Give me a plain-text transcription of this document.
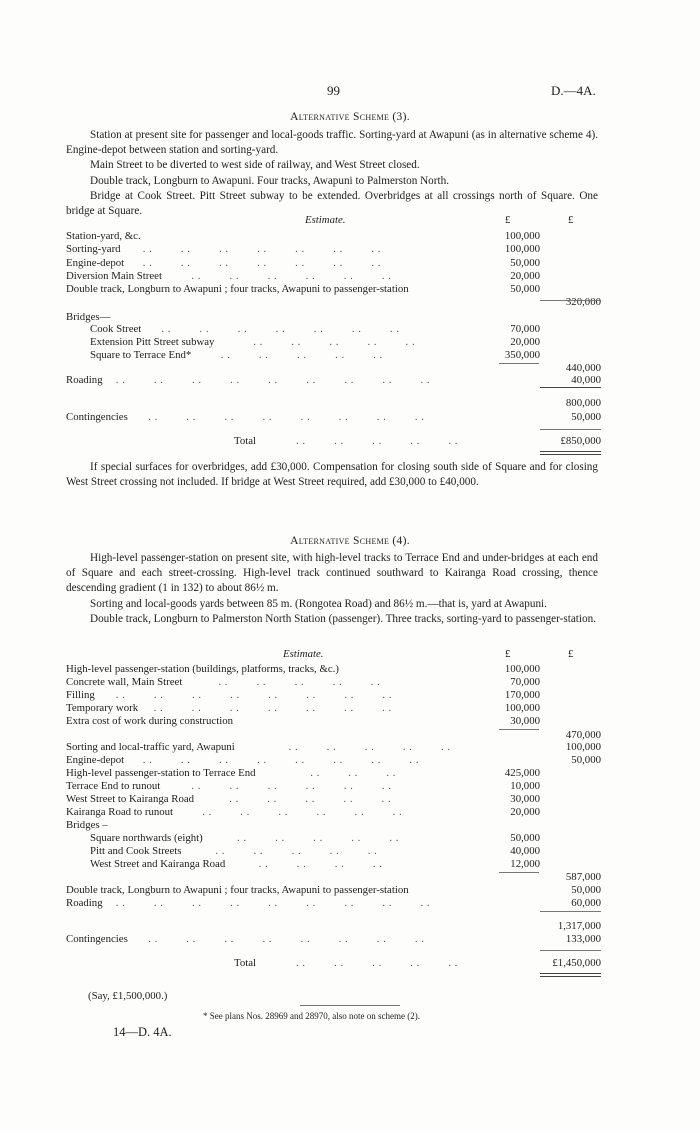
99	D.—4A.
Alternative Scheme (3).

Station at present site for passenger and local-goods traffic. Sorting-yard at Awapuni (as in alternative scheme 4). Engine-depot between station and sorting-yard.

Main Street to be diverted to west side of railway, and West Street closed.

Double track, Longburn to Awapuni. Four tracks, Awapuni to Palmerston North.

Bridge at Cook Street. Pitt Street subway to be extended. Overbridges at all crossings north of Square. One bridge at Square.

Estimate.	£	£
Station-yard, &c.	100,000
Sorting-yard . .   . .   . .   . .   . .   . .   . .	100,000
Engine-depot . .   . .   . .   . .   . .   . .   . .	50,000
Diversion Main Street	. .   . .   . .   . .   . .   . .	20,000
Double track, Longburn to Awapuni ; four tracks, Awapuni to passenger-station	50,000
320,000
Bridges—
Cook Street . .   . .   . .   . .   . .   . .   . .	70,000
Extension Pitt Street subway	. .   . .   . .   . .   . .	20,000
Square to Terrace End*	. .   . .   . .   . .   . .	350,000
440,000
Roading . .   . .   . .   . .   . .   . .   . .   . .   . .	40,000
800,000
Contingencies . .   . .   . .   . .   . .   . .   . .   . .	50,000
Total	. .   . .   . .   . .   . .	£850,000

If special surfaces for overbridges, add £30,000. Compensation for closing south side of Square and for closing West Street crossing not included. If bridge at West Street required, add £30,000 to £40,000.

Alternative Scheme (4).

High-level passenger-station on present site, with high-level tracks to Terrace End and under-bridges at each end of Square and each street-crossing. High-level track continued southward to Kairanga Road crossing, thence descending gradient (1 in 132) to about 86½ m.

Sorting and local-goods yards between 85 m. (Rongotea Road) and 86½ m.—that is, yard at Awapuni.

Double track, Longburn to Palmerston North Station (passenger). Three tracks, sorting-yard to passenger-station.

Estimate.	£	£
High-level passenger-station (buildings, platforms, tracks, &c.)	100,000
Concrete wall, Main Street	. .   . .   . .   . .   . .	70,000
Filling . .   . .   . .   . .   . .   . .   . .   . .	170,000
Temporary work . .   . .   . .   . .   . .   . .   . .	100,000
Extra cost of work during construction	30,000
470,000
Sorting and local-traffic yard, Awapuni	. .   . .   . .   . .   . .	100,000
Engine-depot . .   . .   . .   . .   . .   . .   . .   . .	50,000
High-level passenger-station to Terrace End	. .   . .   . .	425,000
Terrace End to runout	. .   . .   . .   . .   . .   . .	10,000
West Street to Kairanga Road	. .   . .   . .   . .   . .	30,000
Kairanga Road to runout	. .   . .   . .   . .   . .   . .	20,000
Bridges –
Square northwards (eight)	. .   . .   . .   . .   . .	50,000
Pitt and Cook Streets	. .   . .   . .   . .   . .	40,000
West Street and Kairanga Road	. .   . .   . .   . .	12,000
587,000
Double track, Longburn to Awapuni ; four tracks, Awapuni to passenger-station	50,000
Roading . .   . .   . .   . .   . .   . .   . .   . .   . .	60,000
1,317,000
Contingencies . .   . .   . .   . .   . .   . .   . .   . .	133,000
Total	. .   . .   . .   . .   . .	£1,450,000
(Say, £1,500,000.)
* See plans Nos. 28969 and 28970, also note on scheme (2).
14—D. 4A.
